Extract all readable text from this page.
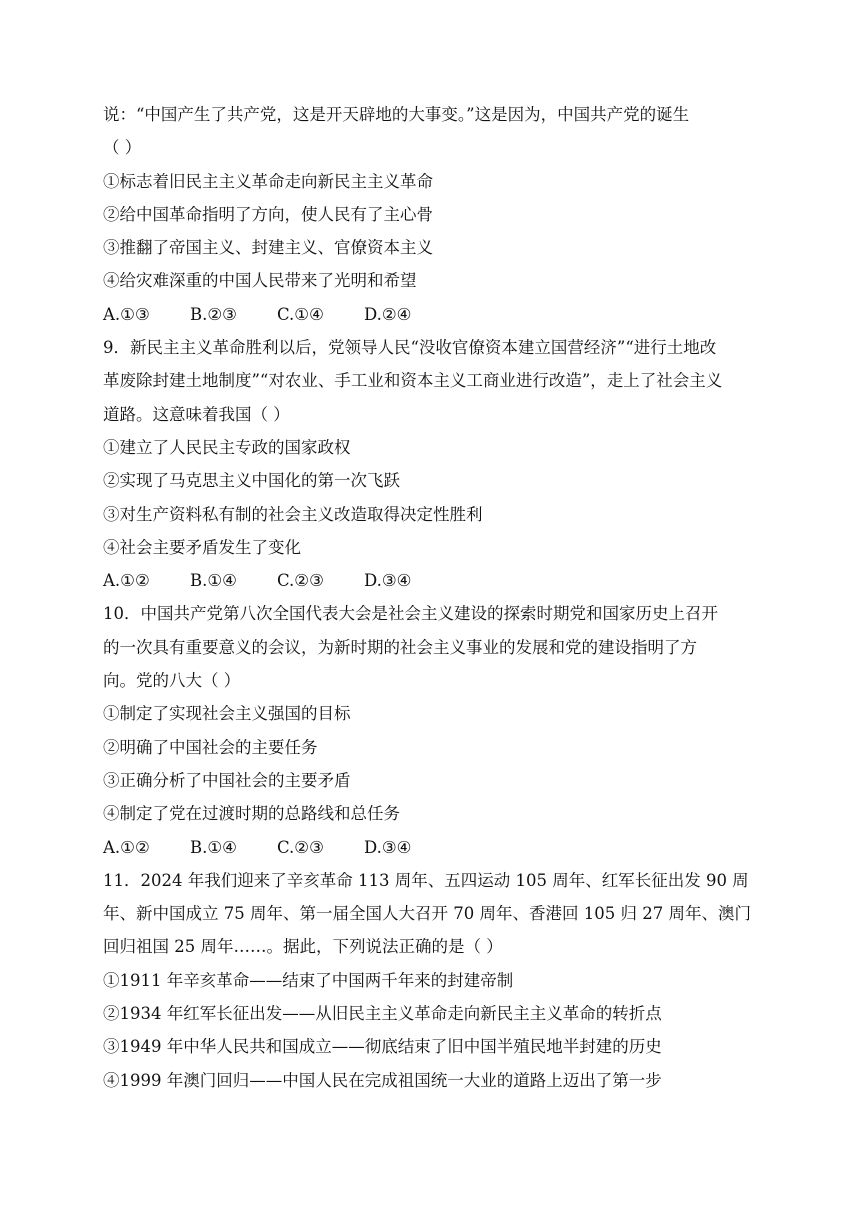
说：“中国产生了共产党，这是开天辟地的大事变。”这是因为，中国共产党的诞生
（ ）
①标志着旧民主主义革命走向新民主主义革命
②给中国革命指明了方向，使人民有了主心骨
③推翻了帝国主义、封建主义、官僚资本主义
④给灾难深重的中国人民带来了光明和希望
A.①③	B.②③	C.①④	D.②④
9．新民主主义革命胜利以后，党领导人民“没收官僚资本建立国营经济”“进行土地改
革废除封建土地制度”“对农业、手工业和资本主义工商业进行改造”，走上了社会主义
道路。这意味着我国（ ）
①建立了人民民主专政的国家政权
②实现了马克思主义中国化的第一次飞跃
③对生产资料私有制的社会主义改造取得决定性胜利
④社会主要矛盾发生了变化
A.①②	B.①④	C.②③	D.③④
10．中国共产党第八次全国代表大会是社会主义建设的探索时期党和国家历史上召开
的一次具有重要意义的会议，为新时期的社会主义事业的发展和党的建设指明了方
向。党的八大（ ）
①制定了实现社会主义强国的目标
②明确了中国社会的主要任务
③正确分析了中国社会的主要矛盾
④制定了党在过渡时期的总路线和总任务
A.①②	B.①④	C.②③	D.③④
11．2024 年我们迎来了辛亥革命 113 周年、五四运动 105 周年、红军长征出发 90 周
年、新中国成立 75 周年、第一届全国人大召开 70 周年、香港回 105 归 27 周年、澳门
回归祖国 25 周年……。据此，下列说法正确的是（ ）
①1911 年辛亥革命——结束了中国两千年来的封建帝制
②1934 年红军长征出发——从旧民主主义革命走向新民主主义革命的转折点
③1949 年中华人民共和国成立——彻底结束了旧中国半殖民地半封建的历史
④1999 年澳门回归——中国人民在完成祖国统一大业的道路上迈出了第一步
